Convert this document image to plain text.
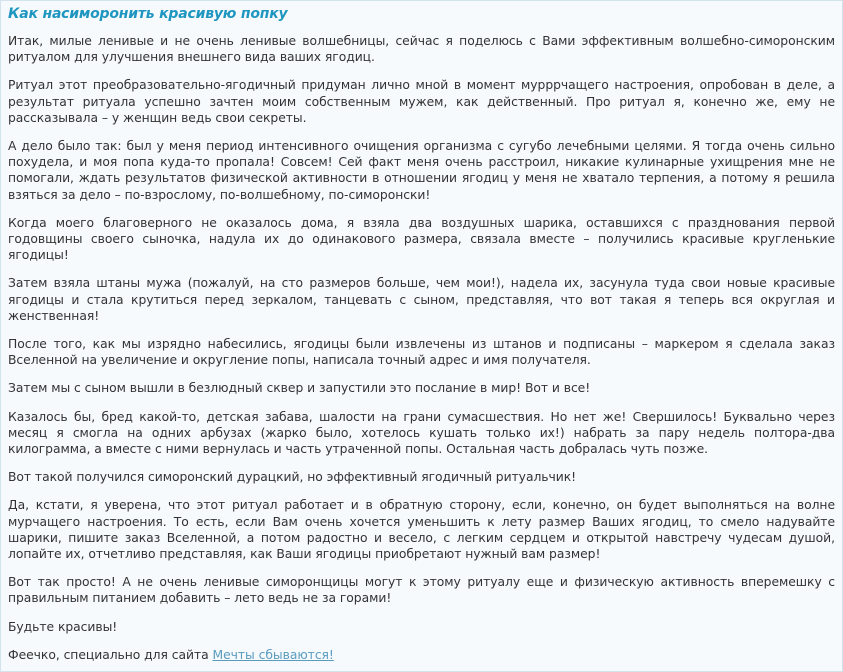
Как насиморонить красивую попку

Итак, милые ленивые и не очень ленивые волшебницы, сейчас я поделюсь с Вами эффективным волшебно-симоронским ритуалом для улучшения внешнего вида ваших ягодиц.

Ритуал этот преобразовательно-ягодичный придуман лично мной в момент мурррчащего настроения, опробован в деле, а результат ритуала успешно зачтен моим собственным мужем, как действенный. Про ритуал я, конечно же, ему не рассказывала – у женщин ведь свои секреты.

А дело было так: был у меня период интенсивного очищения организма с сугубо лечебными целями. Я тогда очень сильно похудела, и моя попа куда-то пропала! Совсем! Сей факт меня очень расстроил, никакие кулинарные ухищрения мне не помогали, ждать результатов физической активности в отношении ягодиц у меня не хватало терпения, а потому я решила взяться за дело – по-взрослому, по-волшебному, по-симоронски!

Когда моего благоверного не оказалось дома, я взяла два воздушных шарика, оставшихся с празднования первой годовщины своего сыночка, надула их до одинакового размера, связала вместе – получились красивые кругленькие ягодицы!

Затем взяла штаны мужа (пожалуй, на сто размеров больше, чем мои!), надела их, засунула туда свои новые красивые ягодицы и стала крутиться перед зеркалом, танцевать с сыном, представляя, что вот такая я теперь вся округлая и женственная!

После того, как мы изрядно набесились, ягодицы были извлечены из штанов и подписаны – маркером я сделала заказ Вселенной на увеличение и округление попы, написала точный адрес и имя получателя.

Затем мы с сыном вышли в безлюдный сквер и запустили это послание в мир! Вот и все!

Казалось бы, бред какой-то, детская забава, шалости на грани сумасшествия. Но нет же! Свершилось! Буквально через месяц я смогла на одних арбузах (жарко было, хотелось кушать только их!) набрать за пару недель полтора-два килограмма, а вместе с ними вернулась и часть утраченной попы. Остальная часть добралась чуть позже.

Вот такой получился симоронский дурацкий, но эффективный ягодичный ритуальчик!

Да, кстати, я уверена, что этот ритуал работает и в обратную сторону, если, конечно, он будет выполняться на волне мурчащего настроения. То есть, если Вам очень хочется уменьшить к лету размер Ваших ягодиц, то смело надувайте шарики, пишите заказ Вселенной, а потом радостно и весело, с легким сердцем и открытой навстречу чудесам душой, лопайте их, отчетливо представляя, как Ваши ягодицы приобретают нужный вам размер!

Вот так просто! А не очень ленивые симоронщицы могут к этому ритуалу еще и физическую активность вперемешку с правильным питанием добавить – лето ведь не за горами!

Будьте красивы!

Феечко, специально для сайта Мечты сбываются!
